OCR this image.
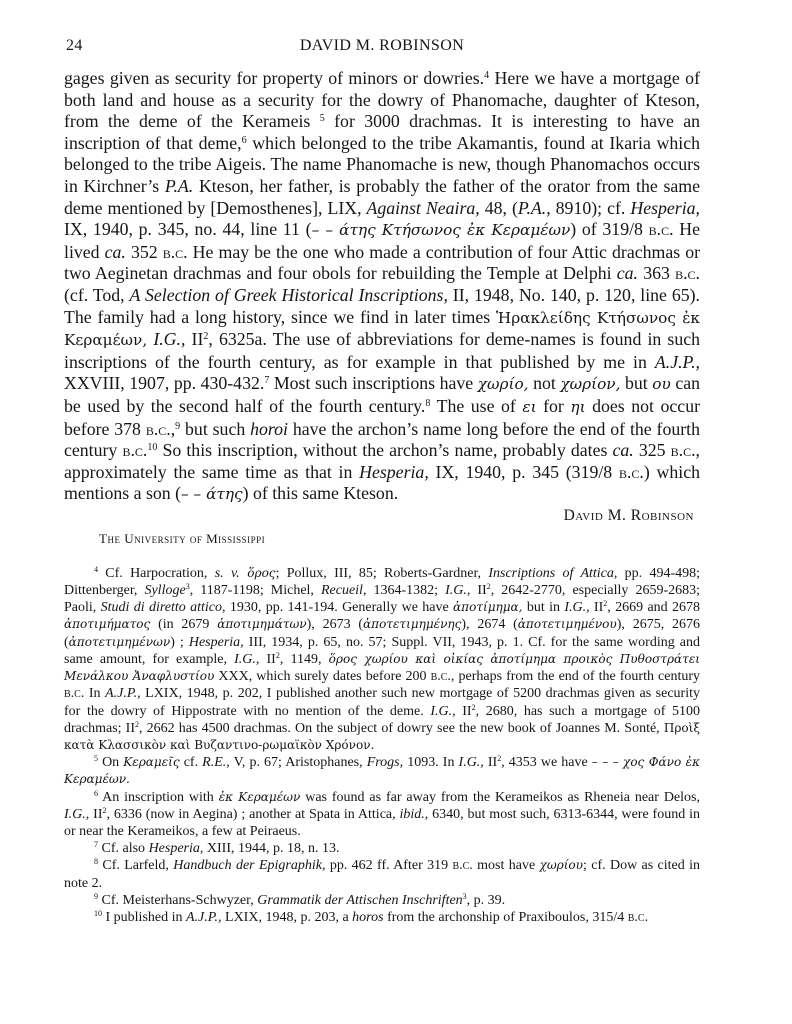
24	DAVID M. ROBINSON

gages given as security for property of minors or dowries.$^4$ Here we have a mortgage of both land and house as a security for the dowry of Phanomache, daughter of Kteson, from the deme of the Kerameis $^5$ for 3000 drachmas. It is interesting to have an inscription of that deme,$^6$ which belonged to the tribe Akamantis, found at Ikaria which belonged to the tribe Aigeis. The name Phanomache is new, though Phanomachos occurs in Kirchner’s P.A. Kteson, her father, is probably the father of the orator from the same deme mentioned by [Demosthenes], LIX, Against Neaira, 48, (P.A., 8910); cf. Hesperia, IX, 1940, p. 345, no. 44, line 11 (– – άτης Κτήσωνος ἐκ Κεραμέων) of 319/8 b.c. He lived ca. 352 b.c. He may be the one who made a contribution of four Attic drachmas or two Aeginetan drachmas and four obols for rebuilding the Temple at Delphi ca. 363 b.c. (cf. Tod, A Selection of Greek Historical Inscriptions, II, 1948, No. 140, p. 120, line 65). The family had a long history, since we find in later times Ἡρακλείδης Κτήσωνος ἐκ Κεραμέων, I.G., $II^2$, 6325a. The use of abbreviations for deme-names is found in such inscriptions of the fourth century, as for example in that published by me in A.J.P., XXVIII, 1907, pp. 430-432.$^7$ Most such inscriptions have χωρίο, not χωρίον, but ου can be used by the second half of the fourth century.$^8$ The use of ει for ηι does not occur before 378 b.c.,$^9$ but such horoi have the archon’s name long before the end of the fourth century b.c.$^{10}$ So this inscription, without the archon’s name, probably dates ca. 325 b.c., approximately the same time as that in Hesperia, IX, 1940, p. 345 (319/8 b.c.) which mentions a son (– – άτης) of this same Kteson.

David M. Robinson
The University of Mississippi

$^4$ Cf. Harpocration, s. v. ὅρος; Pollux, III, 85; Roberts-Gardner, Inscriptions of Attica, pp. 494-498; Dittenberger, Sylloge$^3$, 1187-1198; Michel, Recueil, 1364-1382; I.G., $II^2$, 2642-2770, especially 2659-2683; Paoli, Studi di diretto attico, 1930, pp. 141-194. Generally we have ἀποτίμημα, but in I.G., $II^2$, 2669 and 2678 ἀποτιμήματος (in 2679 ἀποτιμημάτων), 2673 (ἀποτετιμημένης), 2674 (ἀποτετιμημένου), 2675, 2676 (ἀποτετιμημένων) ; Hesperia, III, 1934, p. 65, no. 57; Suppl. VII, 1943, p. 1. Cf. for the same wording and same amount, for example, I.G., $II^2$, 1149, ὅρος χωρίου καὶ οἰκίας ἀποτίμημα προικὸς Πυθοστράτει Μενάλκου Ἀναφλυστίου XXX, which surely dates before 200 b.c., perhaps from the end of the fourth century b.c. In A.J.P., LXIX, 1948, p. 202, I published another such new mortgage of 5200 drachmas given as security for the dowry of Hippostrate with no mention of the deme. I.G., $II^2$, 2680, has such a mortgage of 5100 drachmas; $II^2$, 2662 has 4500 drachmas. On the subject of dowry see the new book of Joannes M. Sonté, Προὶξ κατὰ Κλασσικὸν καὶ Βυζαντινο-ρωμαϊκὸν Χρόνον.

$^5$ On Κεραμεῖς cf. R.E., V, p. 67; Aristophanes, Frogs, 1093. In I.G., $II^2$, 4353 we have – – – χος Φάνο ἐκ Κεραμέων.

$^6$ An inscription with ἐκ Κεραμέων was found as far away from the Kerameikos as Rheneia near Delos, I.G., $II^2$, 6336 (now in Aegina) ; another at Spata in Attica, ibid., 6340, but most such, 6313-6344, were found in or near the Kerameikos, a few at Peiraeus.

$^7$ Cf. also Hesperia, XIII, 1944, p. 18, n. 13.

$^8$ Cf. Larfeld, Handbuch der Epigraphik, pp. 462 ff. After 319 b.c. most have χωρίου; cf. Dow as cited in note 2.

$^9$ Cf. Meisterhans-Schwyzer, Grammatik der Attischen Inschriften$^3$, p. 39.

$^{10}$ I published in A.J.P., LXIX, 1948, p. 203, a horos from the archonship of Praxiboulos, 315/4 b.c.
